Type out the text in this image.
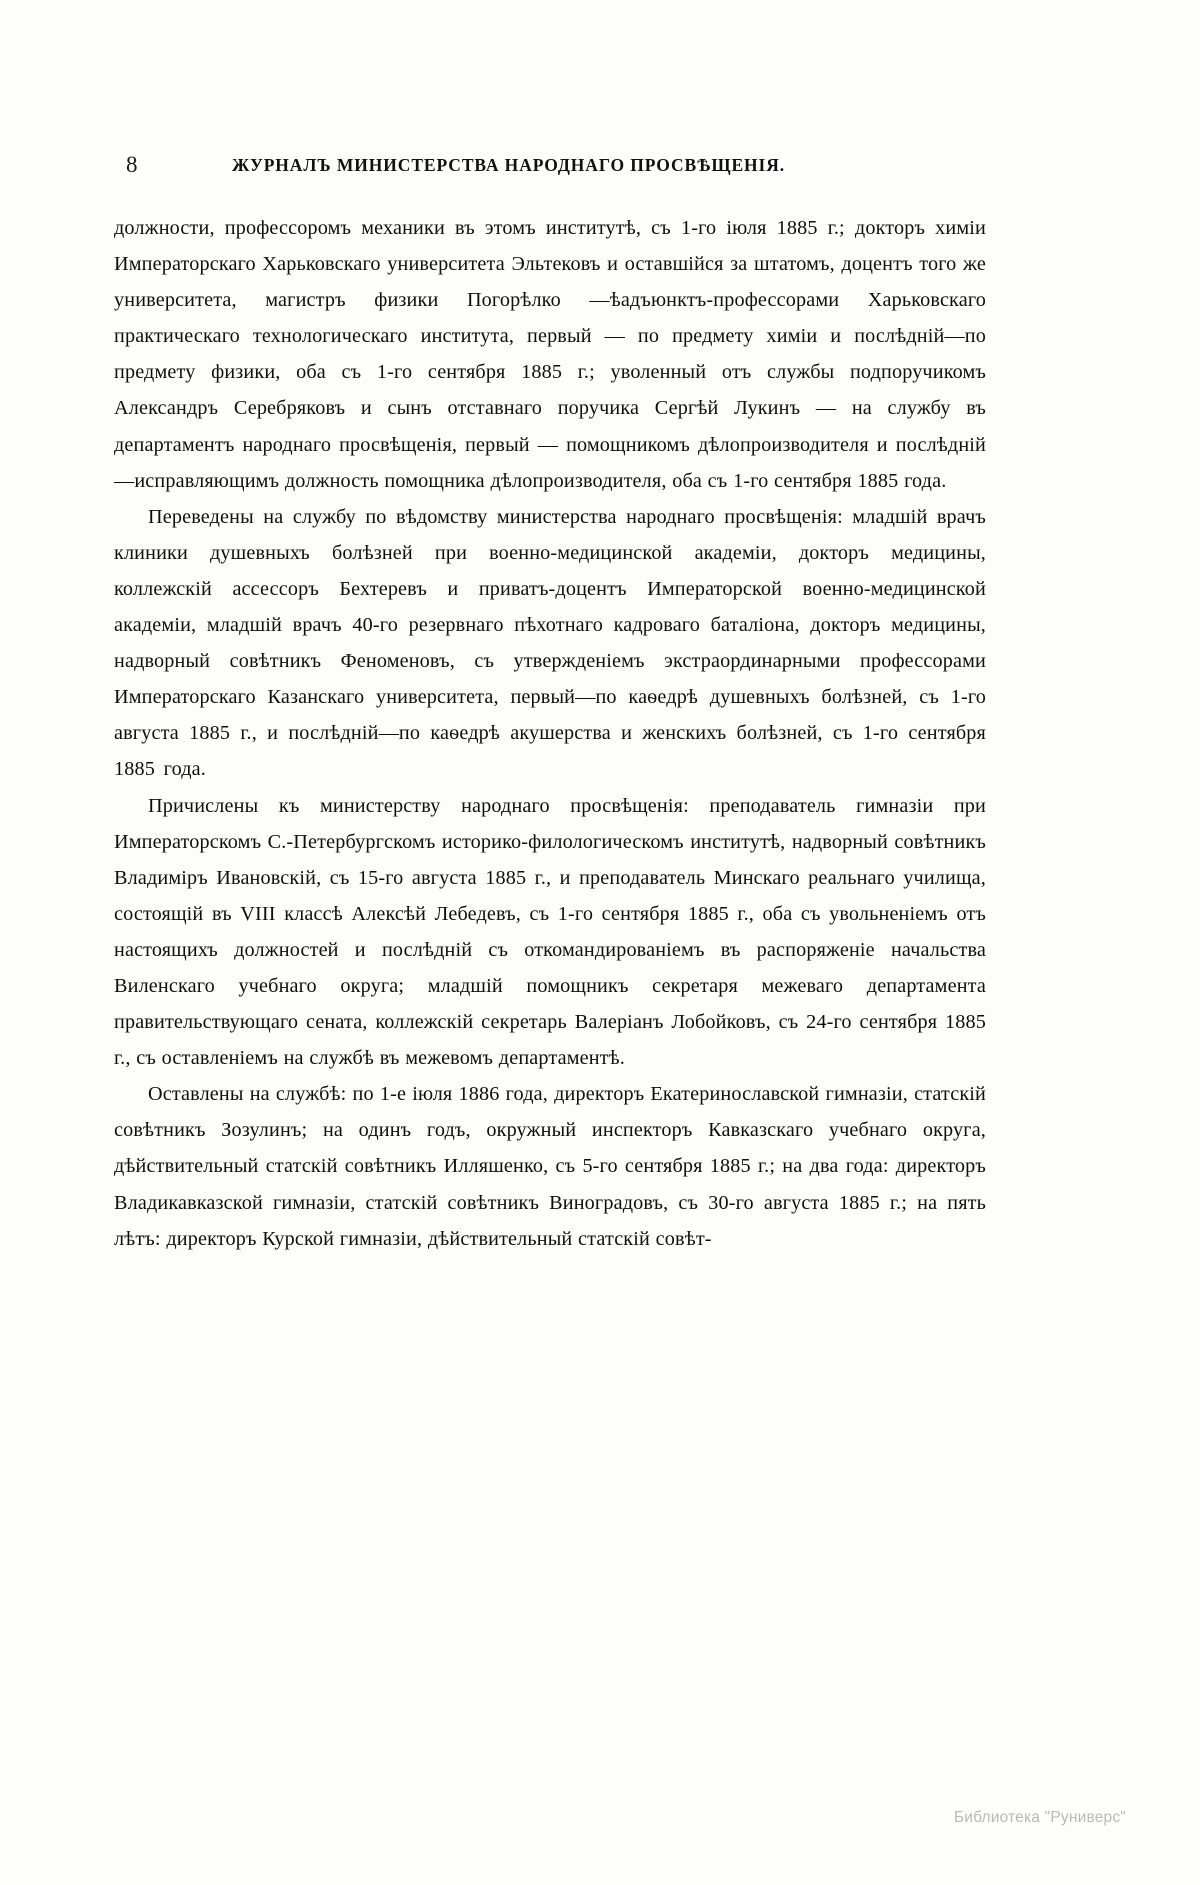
8	ЖУРНАЛЪ МИНИСТЕРСТВА НАРОДНАГО ПРОСВѢЩЕНІЯ.

должности, профессоромъ механики въ этомъ институтѣ, съ 1-го іюля 1885 г.; докторъ химіи Императорскаго Харьковскаго университета Эльтековъ и оставшійся за штатомъ, доцентъ того же университета, магистръ физики Погорѣлко —ѣадъюнктъ-профессорами Харьковскаго практическаго технологическаго института, первый — по предмету химіи и послѣдній—по предмету физики, оба съ 1-го сентября 1885 г.; уволенный отъ службы подпоручикомъ Александръ Серебряковъ и сынъ отставнаго поручика Сергѣй Лукинъ — на службу въ департаментъ народнаго просвѣщенія, первый — помощникомъ дѣлопроизводителя и послѣдній—исправляющимъ должность помощника дѣлопроизводителя, оба съ 1-го сентября 1885 года.

Переведены на службу по вѣдомству министерства народнаго просвѣщенія: младшій врачъ клиники душевныхъ болѣзней при военно-медицинской академіи, докторъ медицины, коллежскій ассессоръ Бехтеревъ и приватъ-доцентъ Императорской военно-медицинской академіи, младшій врачъ 40-го резервнаго пѣхотнаго кадроваго баталіона, докторъ медицины, надворный совѣтникъ Феноменовъ, съ утвержденіемъ экстраординарными профессорами Императорскаго Казанскаго университета, первый—по каѳедрѣ душевныхъ болѣзней, съ 1-го августа 1885 г., и послѣдній—по каѳедрѣ акушерства и женскихъ болѣзней, съ 1-го сентября 1885 года.

Причислены къ министерству народнаго просвѣщенія: преподаватель гимназіи при Императорскомъ С.-Петербургскомъ историко-филологическомъ институтѣ, надворный совѣтникъ Владиміръ Ивановскій, съ 15-го августа 1885 г., и преподаватель Минскаго реальнаго училища, состоящій въ VIII классѣ Алексѣй Лебедевъ, съ 1-го сентября 1885 г., оба съ увольненіемъ отъ настоящихъ должностей и послѣдній съ откомандированіемъ въ распоряженіе начальства Виленскаго учебнаго округа; младшій помощникъ секретаря межеваго департамента правительствующаго сената, коллежскій секретарь Валеріанъ Лобойковъ, съ 24-го сентября 1885 г., съ оставленіемъ на службѣ въ межевомъ департаментѣ.

Оставлены на службѣ: по 1-е іюля 1886 года, директоръ Екатеринославской гимназіи, статскій совѣтникъ Зозулинъ; на одинъ годъ, окружный инспекторъ Кавказскаго учебнаго округа, дѣйствительный статскій совѣтникъ Илляшенко, съ 5-го сентября 1885 г.; на два года: директоръ Владикавказской гимназіи, статскій совѣтникъ Виноградовъ, съ 30-го августа 1885 г.; на пять лѣтъ: директоръ Курской гимназіи, дѣйствительный статскій совѣт-

Библиотека "Руниверс"
